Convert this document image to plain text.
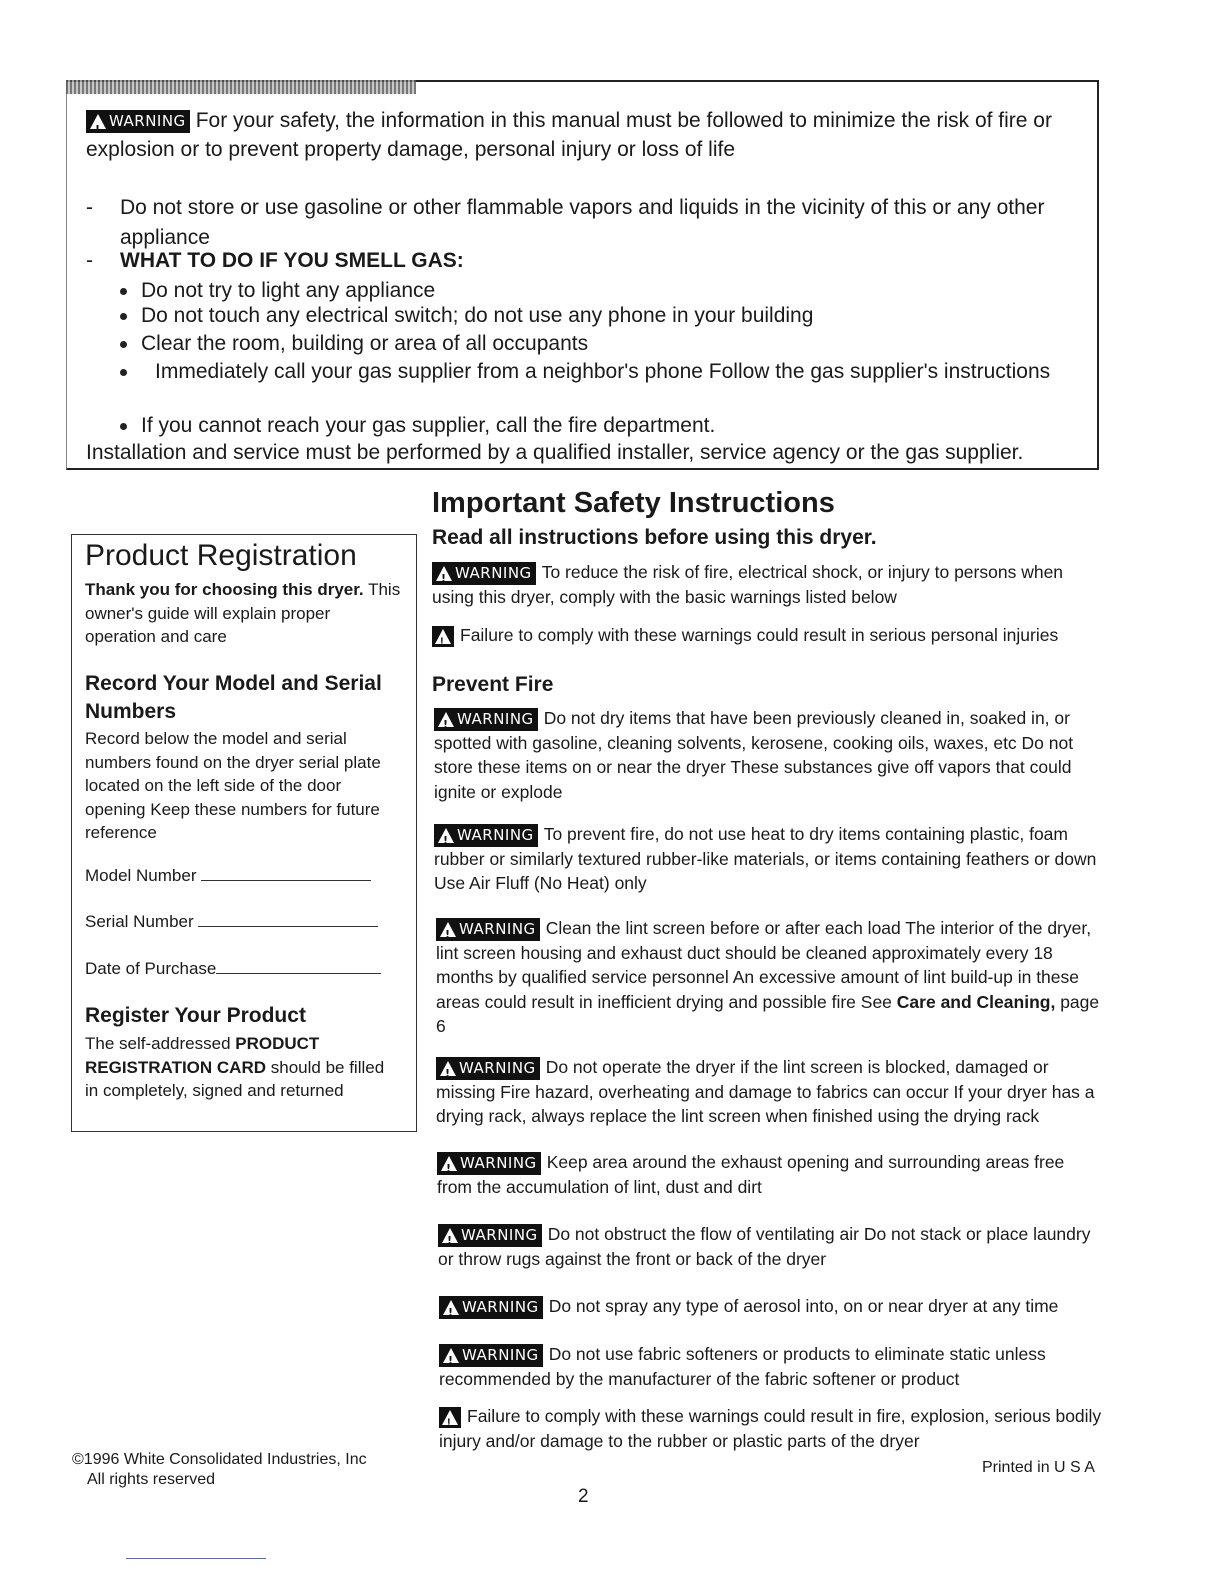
!
WARNING For your safety, the information in this manual must be followed to minimize the risk of fire or explosion or to prevent property damage, personal injury or loss of life
- Do not store or use gasoline or other flammable vapors and liquids in the vicinity of this or any other appliance
- WHAT TO DO IF YOU SMELL GAS:
Do not try to light any appliance
Do not touch any electrical switch; do not use any phone in your building
Clear the room, building or area of all occupants
Immediately call your gas supplier from a neighbor's phone Follow the gas supplier's instructions
If you cannot reach your gas supplier, call the fire department.
Installation and service must be performed by a qualified installer, service agency or the gas supplier.
Product Registration
Thank you for choosing this dryer. This owner's guide will explain proper operation and care
Record Your Model and Serial Numbers
Record below the model and serial numbers found on the dryer serial plate located on the left side of the door opening Keep these numbers for future reference
Model Number
Serial Number
Date of Purchase
Register Your Product
The self-addressed PRODUCT REGISTRATION CARD should be filled in completely, signed and returned
©1996 White Consolidated Industries, Inc
All rights reserved
Important Safety Instructions
Read all instructions before using this dryer.
!
WARNING To reduce the risk of fire, electrical shock, or injury to persons when using this dryer, comply with the basic warnings listed below
!
Failure to comply with these warnings could result in serious personal injuries
Prevent Fire
!
WARNING Do not dry items that have been previously cleaned in, soaked in, or spotted with gasoline, cleaning solvents, kerosene, cooking oils, waxes, etc Do not store these items on or near the dryer These substances give off vapors that could ignite or explode
!
WARNING To prevent fire, do not use heat to dry items containing plastic, foam rubber or similarly textured rubber-like materials, or items containing feathers or down Use Air Fluff (No Heat) only
!
WARNING Clean the lint screen before or after each load The interior of the dryer, lint screen housing and exhaust duct should be cleaned approximately every 18 months by qualified service personnel An excessive amount of lint build-up in these areas could result in inefficient drying and possible fire See Care and Cleaning, page 6
!
WARNING Do not operate the dryer if the lint screen is blocked, damaged or missing Fire hazard, overheating and damage to fabrics can occur If your dryer has a drying rack, always replace the lint screen when finished using the drying rack
!
WARNING Keep area around the exhaust opening and surrounding areas free from the accumulation of lint, dust and dirt
!
WARNING Do not obstruct the flow of ventilating air Do not stack or place laundry or throw rugs against the front or back of the dryer
!
WARNING Do not spray any type of aerosol into, on or near dryer at any time
!
WARNING Do not use fabric softeners or products to eliminate static unless recommended by the manufacturer of the fabric softener or product
!
Failure to comply with these warnings could result in fire, explosion, serious bodily injury and/or damage to the rubber or plastic parts of the dryer
Printed in U S A
2
